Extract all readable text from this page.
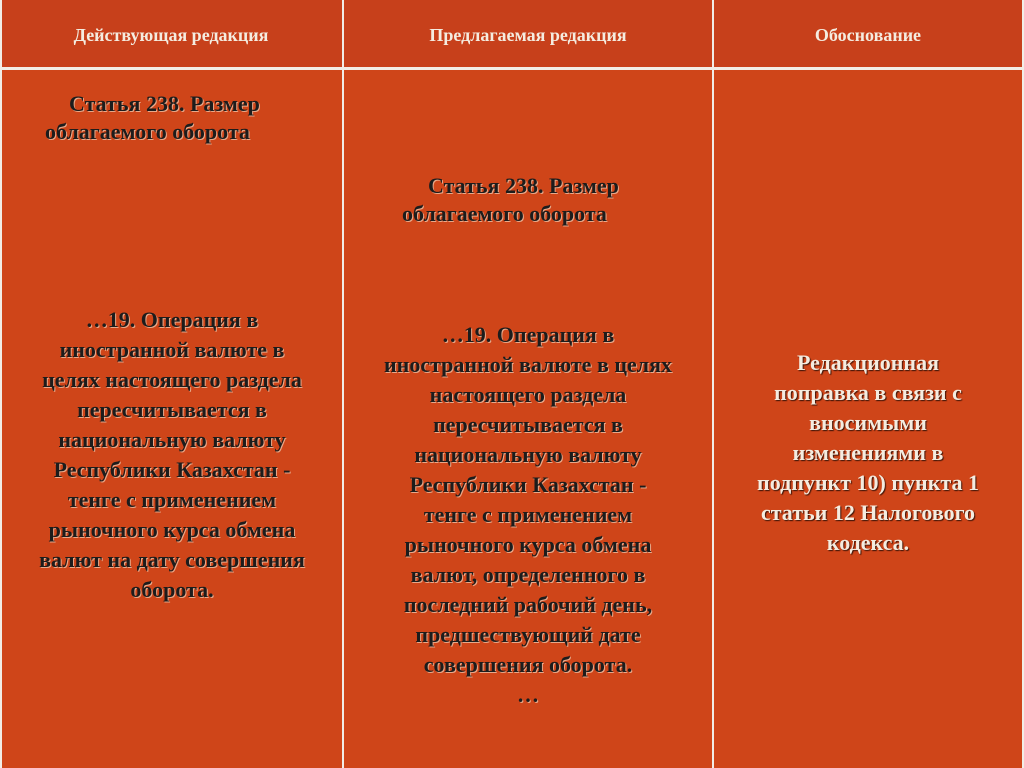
Действующая редакция	Предлагаемая редакция	Обоснование
Статья 238. Размер
облагаемого оборота
…19. Операция в
иностранной валюте в
целях настоящего раздела
пересчитывается в
национальную валюту
Республики Казахстан -
тенге с применением
рыночного курса обмена
валют на дату совершения
оборота.
Статья 238. Размер
облагаемого оборота
…19. Операция в
иностранной валюте в целях
настоящего раздела
пересчитывается в
национальную валюту
Республики Казахстан -
тенге с применением
рыночного курса обмена
валют, определенного в
последний рабочий день,
предшествующий дате
совершения оборота.
…
Редакционная
поправка в связи с
вносимыми
изменениями в
подпункт 10) пункта 1
статьи 12 Налогового
кодекса.
